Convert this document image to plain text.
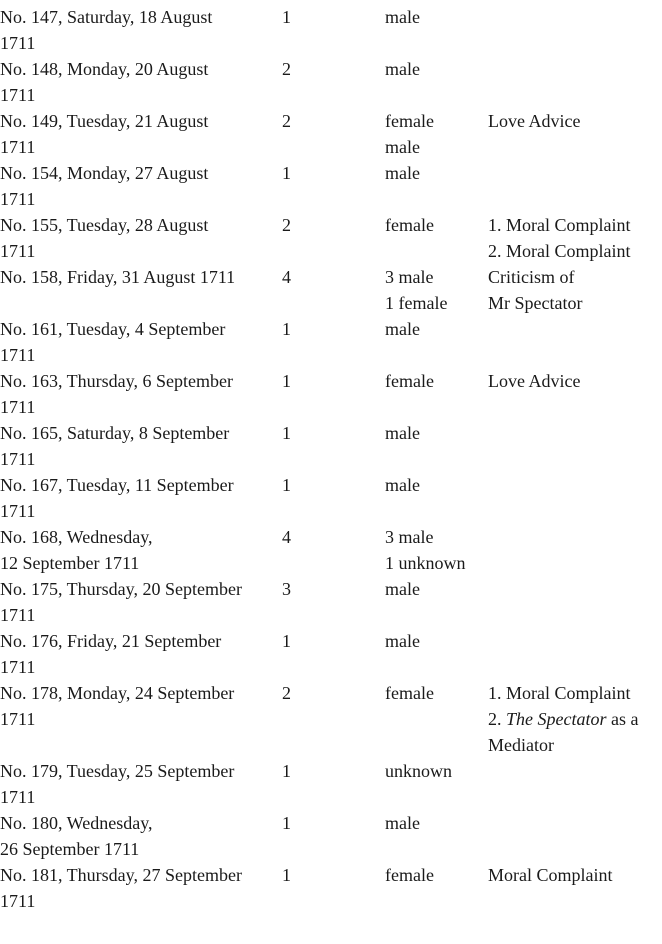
No. 147, Saturday, 18 August
1711	1	male	

No. 148, Monday, 20 August
1711	2	male	

No. 149, Tuesday, 21 August
1711	2	female
male	Love Advice

No. 154, Monday, 27 August
1711	1	male	

No. 155, Tuesday, 28 August
1711	2	female	1. Moral Complaint
2. Moral Complaint

No. 158, Friday, 31 August 1711	4	3 male
1 female	Criticism of
Mr Spectator

No. 161, Tuesday, 4 September
1711	1	male	

No. 163, Thursday, 6 September
1711	1	female	Love Advice

No. 165, Saturday, 8 September
1711	1	male	

No. 167, Tuesday, 11 September
1711	1	male	

No. 168, Wednesday,
12 September 1711	4	3 male
1 unknown	

No. 175, Thursday, 20 September
1711	3	male	

No. 176, Friday, 21 September
1711	1	male	

No. 178, Monday, 24 September
1711	2	female	1. Moral Complaint
2. The Spectator as a
Mediator

No. 179, Tuesday, 25 September
1711	1	unknown	

No. 180, Wednesday,
26 September 1711	1	male	

No. 181, Thursday, 27 September
1711	1	female	Moral Complaint
